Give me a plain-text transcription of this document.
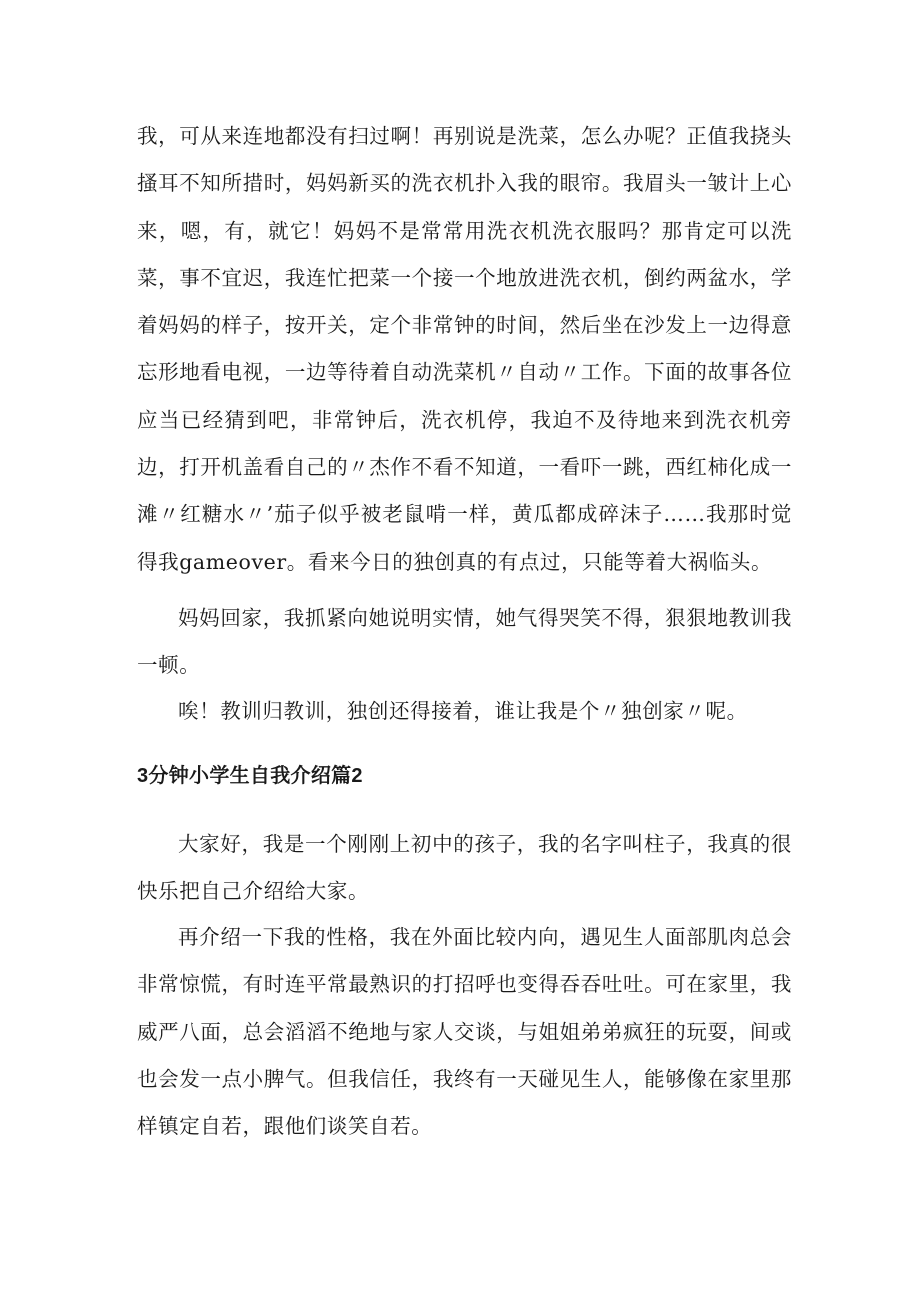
我，可从来连地都没有扫过啊！再别说是洗菜，怎么办呢？正值我挠头搔耳不知所措时，妈妈新买的洗衣机扑入我的眼帘。我眉头一皱计上心来，嗯，有，就它！妈妈不是常常用洗衣机洗衣服吗？那肯定可以洗菜，事不宜迟，我连忙把菜一个接一个地放进洗衣机，倒约两盆水，学着妈妈的样子，按开关，定个非常钟的时间，然后坐在沙发上一边得意忘形地看电视，一边等待着自动洗菜机〃自动〃工作。下面的故事各位应当已经猜到吧，非常钟后，洗衣机停，我迫不及待地来到洗衣机旁边，打开机盖看自己的〃杰作不看不知道，一看吓一跳，西红柿化成一滩〃红糖水〃’茄子似乎被老鼠啃一样，黄瓜都成碎沫子……我那时觉得我gameover。看来今日的独创真的有点过，只能等着大祸临头。

妈妈回家，我抓紧向她说明实情，她气得哭笑不得，狠狠地教训我一顿。

唉！教训归教训，独创还得接着，谁让我是个〃独创家〃呢。

3分钟小学生自我介绍篇2

大家好，我是一个刚刚上初中的孩子，我的名字叫柱子，我真的很快乐把自己介绍给大家。

再介绍一下我的性格，我在外面比较内向，遇见生人面部肌肉总会非常惊慌，有时连平常最熟识的打招呼也变得吞吞吐吐。可在家里，我威严八面，总会滔滔不绝地与家人交谈，与姐姐弟弟疯狂的玩耍，间或也会发一点小脾气。但我信任，我终有一天碰见生人，能够像在家里那样镇定自若，跟他们谈笑自若。
